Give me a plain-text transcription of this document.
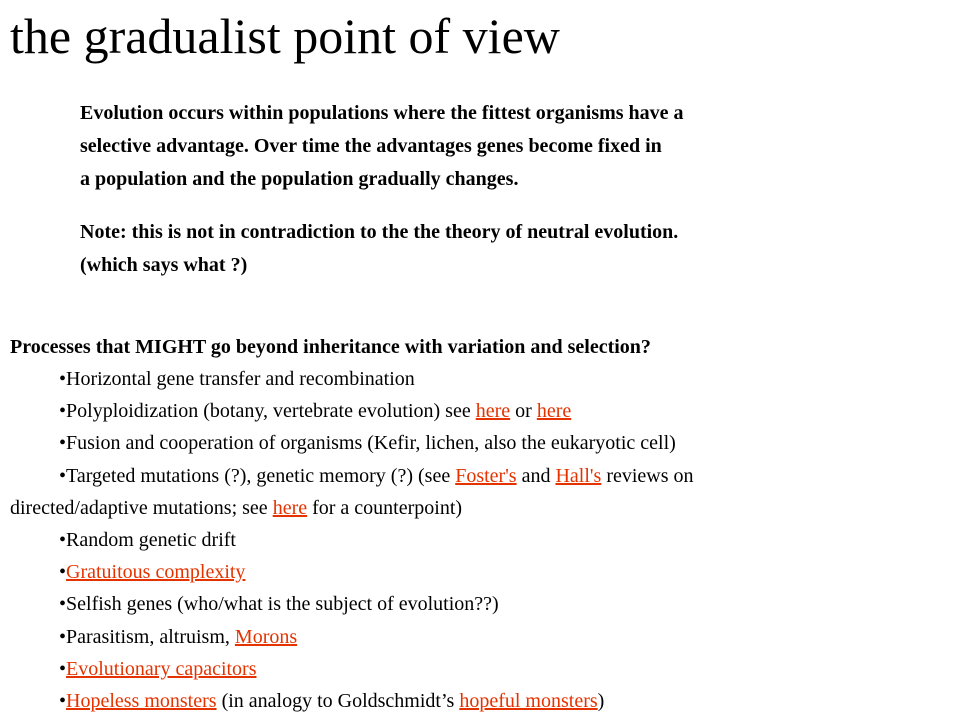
the gradualist point of view

Evolution occurs within populations where the fittest organisms have a

selective advantage. Over time the advantages genes become fixed in

a population and the population gradually changes.

Note: this is not in contradiction to the the theory of neutral evolution.

(which says what ?)

Processes that MIGHT go beyond inheritance with variation and selection?
•Horizontal gene transfer and recombination
•Polyploidization (botany, vertebrate evolution) see here or here
•Fusion and cooperation of organisms (Kefir, lichen, also the eukaryotic cell)
•Targeted mutations (?), genetic memory (?) (see Foster's and Hall's reviews on
directed/adaptive mutations; see here for a counterpoint)
•Random genetic drift
•Gratuitous complexity
•Selfish genes (who/what is the subject of evolution??)
•Parasitism, altruism, Morons
•Evolutionary capacitors
•Hopeless monsters (in analogy to Goldschmidt’s hopeful monsters)
